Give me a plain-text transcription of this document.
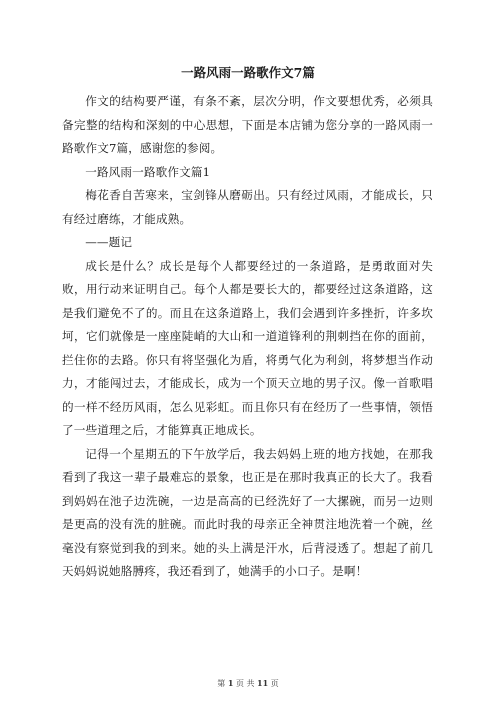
一路风雨一路歌作文7篇

作文的结构要严谨，有条不紊，层次分明，作文要想优秀，必须具备完整的结构和深刻的中心思想，下面是本店铺为您分享的一路风雨一路歌作文7篇，感谢您的参阅。

一路风雨一路歌作文篇1

梅花香自苦寒来，宝剑锋从磨砺出。只有经过风雨，才能成长，只有经过磨练，才能成熟。

——题记

成长是什么？成长是每个人都要经过的一条道路，是勇敢面对失败，用行动来证明自己。每个人都是要长大的，都要经过这条道路，这是我们避免不了的。而且在这条道路上，我们会遇到许多挫折，许多坎坷，它们就像是一座座陡峭的大山和一道道锋利的荆刺挡在你的面前，拦住你的去路。你只有将坚强化为盾，将勇气化为利剑，将梦想当作动力，才能闯过去，才能成长，成为一个顶天立地的男子汉。像一首歌唱的一样不经历风雨，怎么见彩虹。而且你只有在经历了一些事情，领悟了一些道理之后，才能算真正地成长。

记得一个星期五的下午放学后，我去妈妈上班的地方找她，在那我看到了我这一辈子最难忘的景象，也正是在那时我真正的长大了。我看到妈妈在池子边洗碗，一边是高高的已经洗好了一大摞碗，而另一边则是更高的没有洗的脏碗。而此时我的母亲正全神贯注地洗着一个碗，丝毫没有察觉到我的到来。她的头上满是汗水，后背浸透了。想起了前几天妈妈说她胳膊疼，我还看到了，她满手的小口子。是啊！

第 1 页 共 11 页
